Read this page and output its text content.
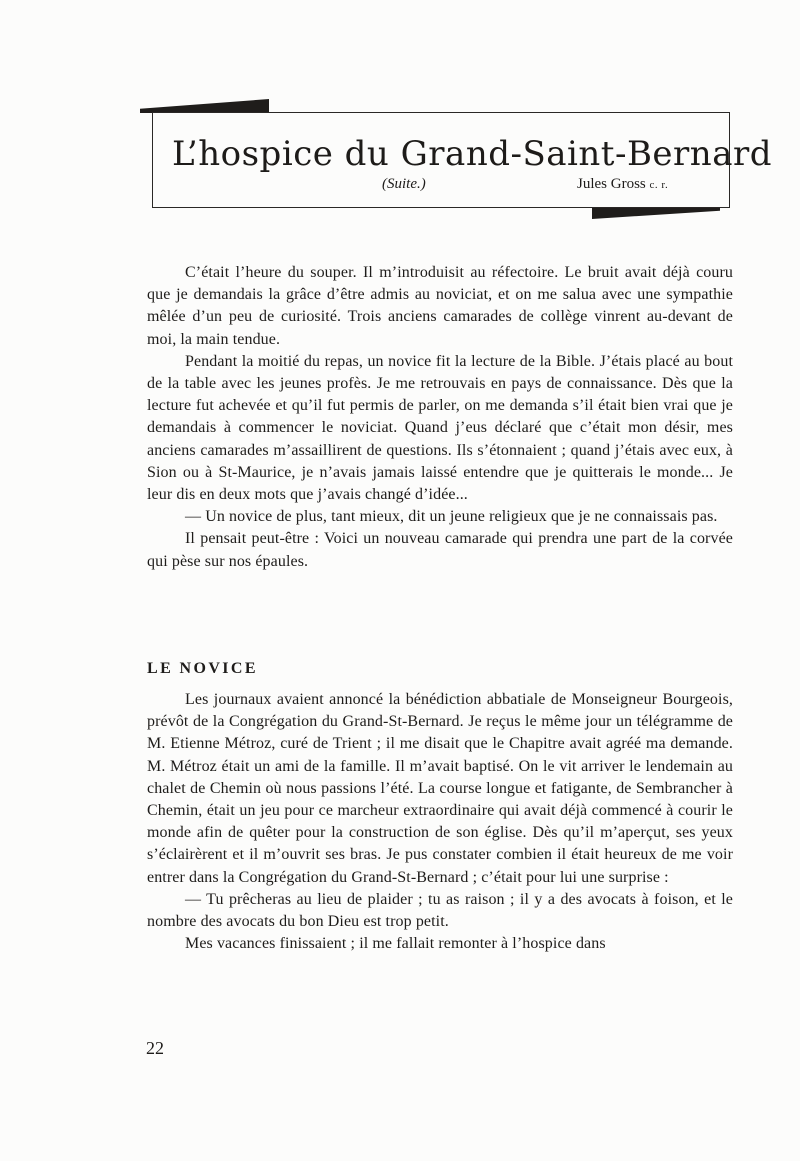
L’hospice du Grand-Saint-Bernard
(Suite.)	Jules Gross c. r.

C’était l’heure du souper. Il m’introduisit au réfectoire. Le bruit avait déjà couru que je demandais la grâce d’être admis au noviciat, et on me salua avec une sympathie mêlée d’un peu de curiosité. Trois anciens camarades de collège vinrent au-devant de moi, la main tendue.

Pendant la moitié du repas, un novice fit la lecture de la Bible. J’étais placé au bout de la table avec les jeunes profès. Je me retrouvais en pays de connaissance. Dès que la lecture fut achevée et qu’il fut permis de parler, on me demanda s’il était bien vrai que je demandais à commencer le noviciat. Quand j’eus déclaré que c’était mon désir, mes anciens camarades m’assaillirent de questions. Ils s’étonnaient ; quand j’étais avec eux, à Sion ou à St-Maurice, je n’avais jamais laissé entendre que je quitterais le monde... Je leur dis en deux mots que j’avais changé d’idée...

— Un novice de plus, tant mieux, dit un jeune religieux que je ne connaissais pas.

Il pensait peut-être : Voici un nouveau camarade qui prendra une part de la corvée qui pèse sur nos épaules.

LE NOVICE

Les journaux avaient annoncé la bénédiction abbatiale de Monseigneur Bourgeois, prévôt de la Congrégation du Grand-St-Bernard. Je reçus le même jour un télégramme de M. Etienne Métroz, curé de Trient ; il me disait que le Chapitre avait agréé ma demande. M. Métroz était un ami de la famille. Il m’avait baptisé. On le vit arriver le lendemain au chalet de Chemin où nous passions l’été. La course longue et fatigante, de Sembrancher à Chemin, était un jeu pour ce marcheur extraordinaire qui avait déjà commencé à courir le monde afin de quêter pour la construction de son église. Dès qu’il m’aperçut, ses yeux s’éclairèrent et il m’ouvrit ses bras. Je pus constater combien il était heureux de me voir entrer dans la Congrégation du Grand-St-Bernard ; c’était pour lui une surprise :

— Tu prêcheras au lieu de plaider ; tu as raison ; il y a des avocats à foison, et le nombre des avocats du bon Dieu est trop petit.

Mes vacances finissaient ; il me fallait remonter à l’hospice dans

22
